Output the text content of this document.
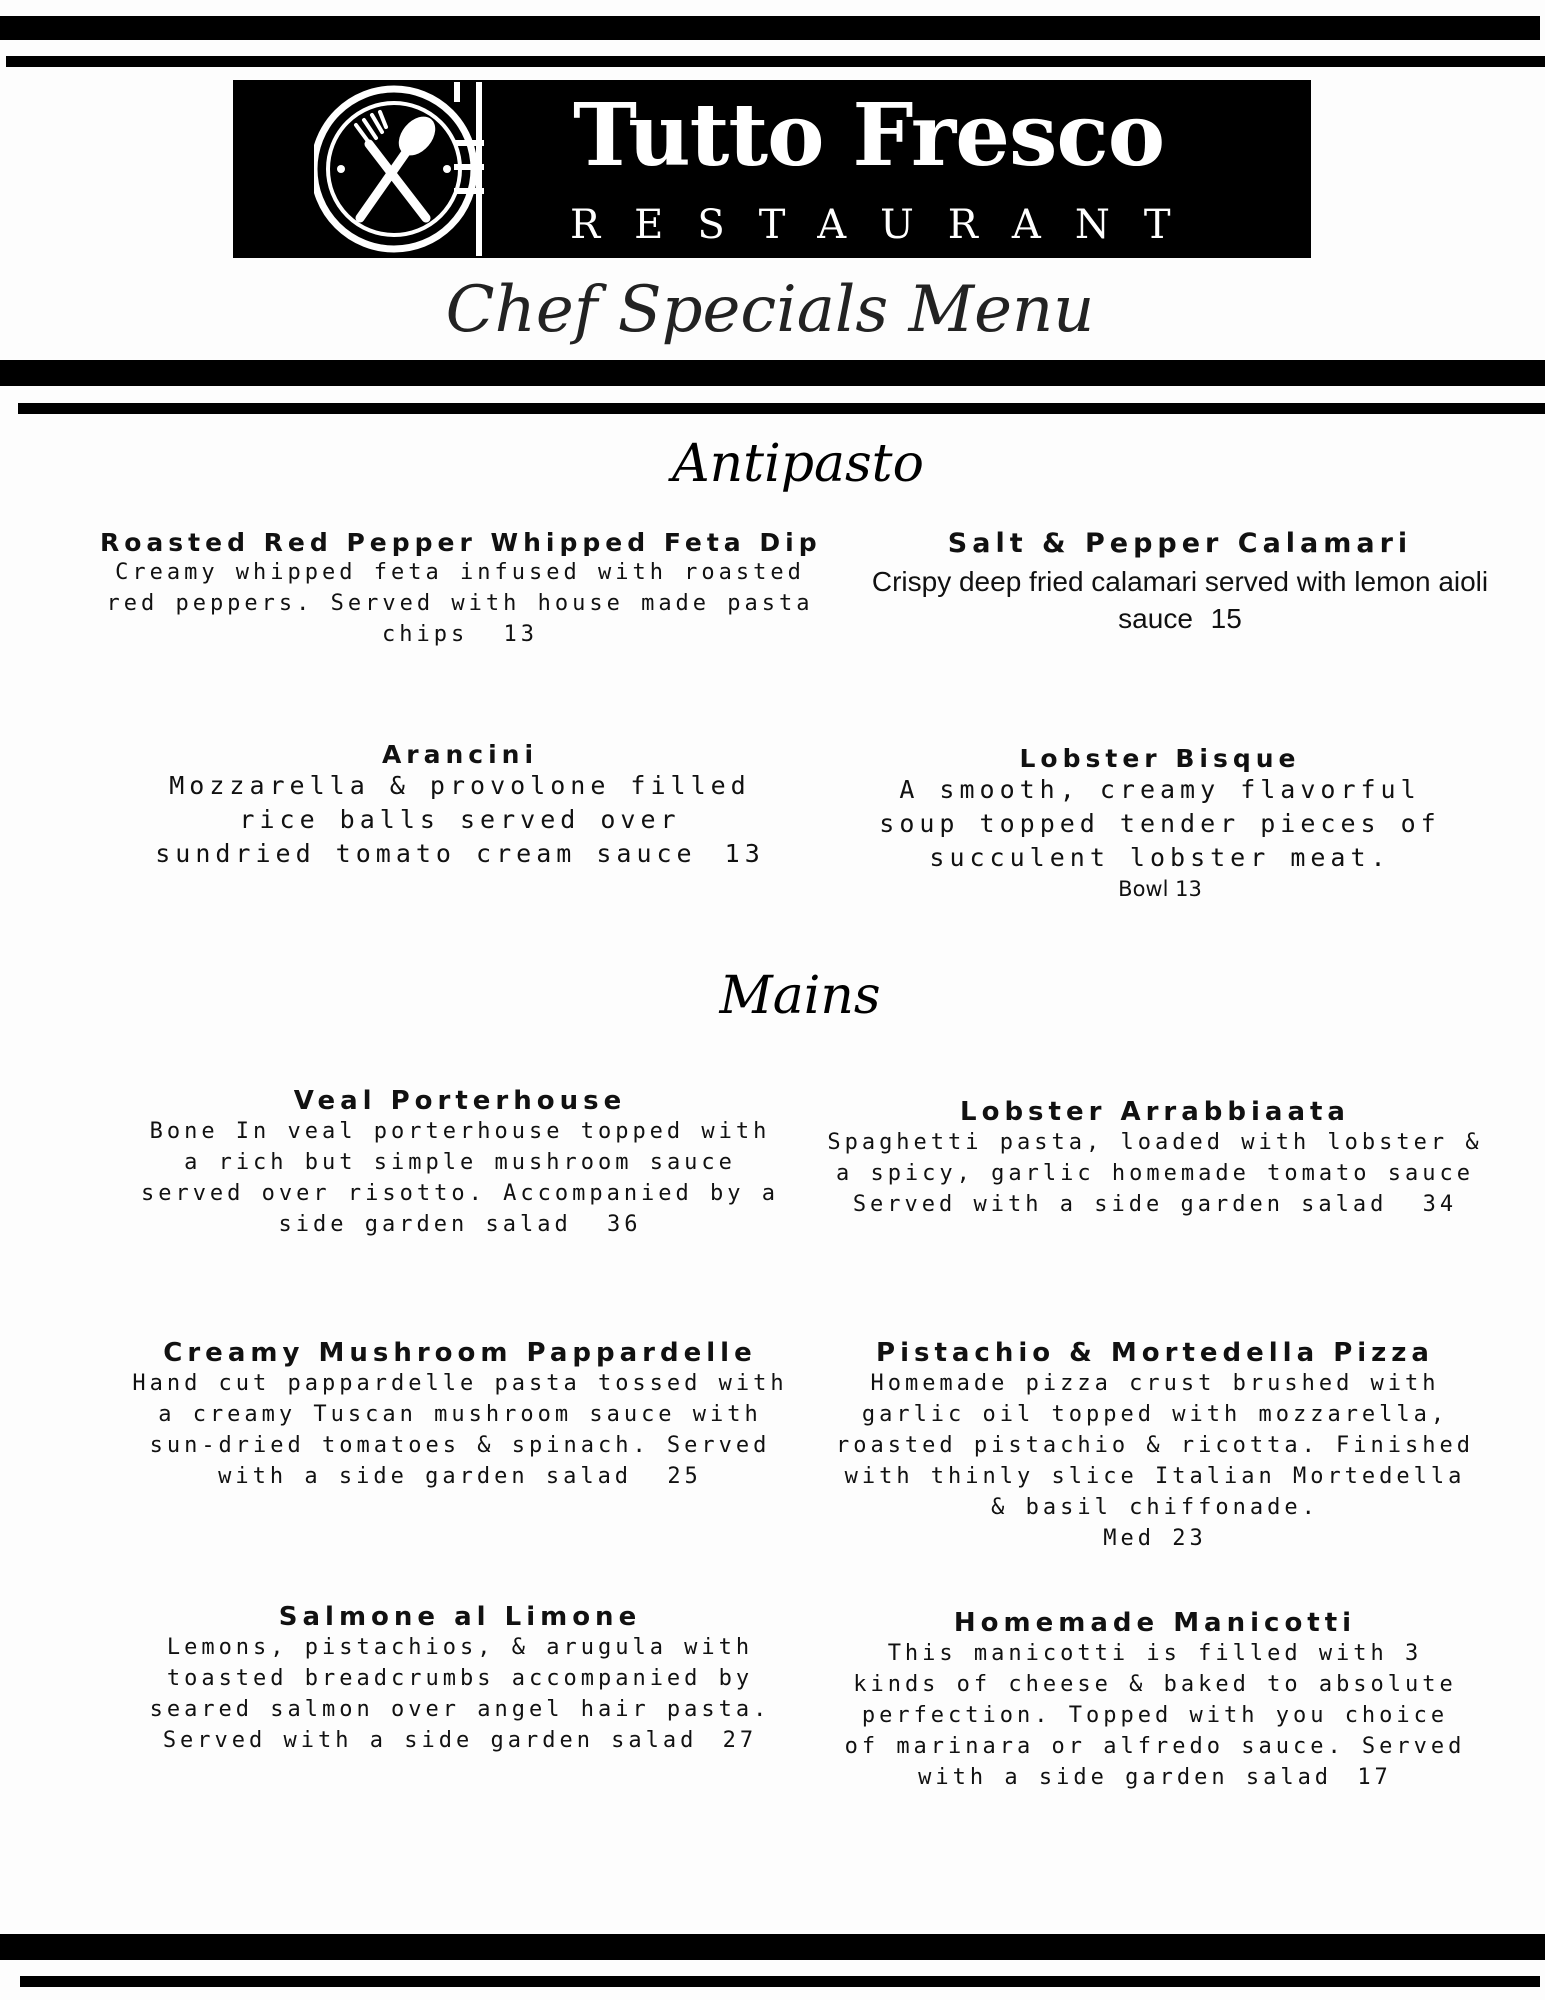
Tutto Fresco
RESTAURANT
Chef Specials Menu
Antipasto
Roasted Red Pepper Whipped Feta Dip
Creamy whipped feta infused with roasted red peppers. Served with house made pasta chips 13
Salt & Pepper Calamari
Crispy deep fried calamari served with lemon aioli sauce 15
Arancini
Mozzarella & provolone filled rice balls served over sundried tomato cream sauce 13
Lobster Bisque
A smooth, creamy flavorful soup topped tender pieces of succulent lobster meat.
Bowl 13
Mains
Veal Porterhouse
Bone In veal porterhouse topped with a rich but simple mushroom sauce served over risotto. Accompanied by a side garden salad 36
Lobster Arrabbiaata
Spaghetti pasta, loaded with lobster & a spicy, garlic homemade tomato sauce Served with a side garden salad 34
Creamy Mushroom Pappardelle
Hand cut pappardelle pasta tossed with a creamy Tuscan mushroom sauce with sun-dried tomatoes & spinach. Served with a side garden salad 25
Pistachio & Mortedella Pizza
Homemade pizza crust brushed with garlic oil topped with mozzarella, roasted pistachio & ricotta. Finished with thinly slice Italian Mortedella & basil chiffonade.
Med 23
Salmone al Limone
Lemons, pistachios, & arugula with toasted breadcrumbs accompanied by seared salmon over angel hair pasta. Served with a side garden salad 27
Homemade Manicotti
This manicotti is filled with 3 kinds of cheese & baked to absolute perfection. Topped with you choice of marinara or alfredo sauce. Served with a side garden salad 17
